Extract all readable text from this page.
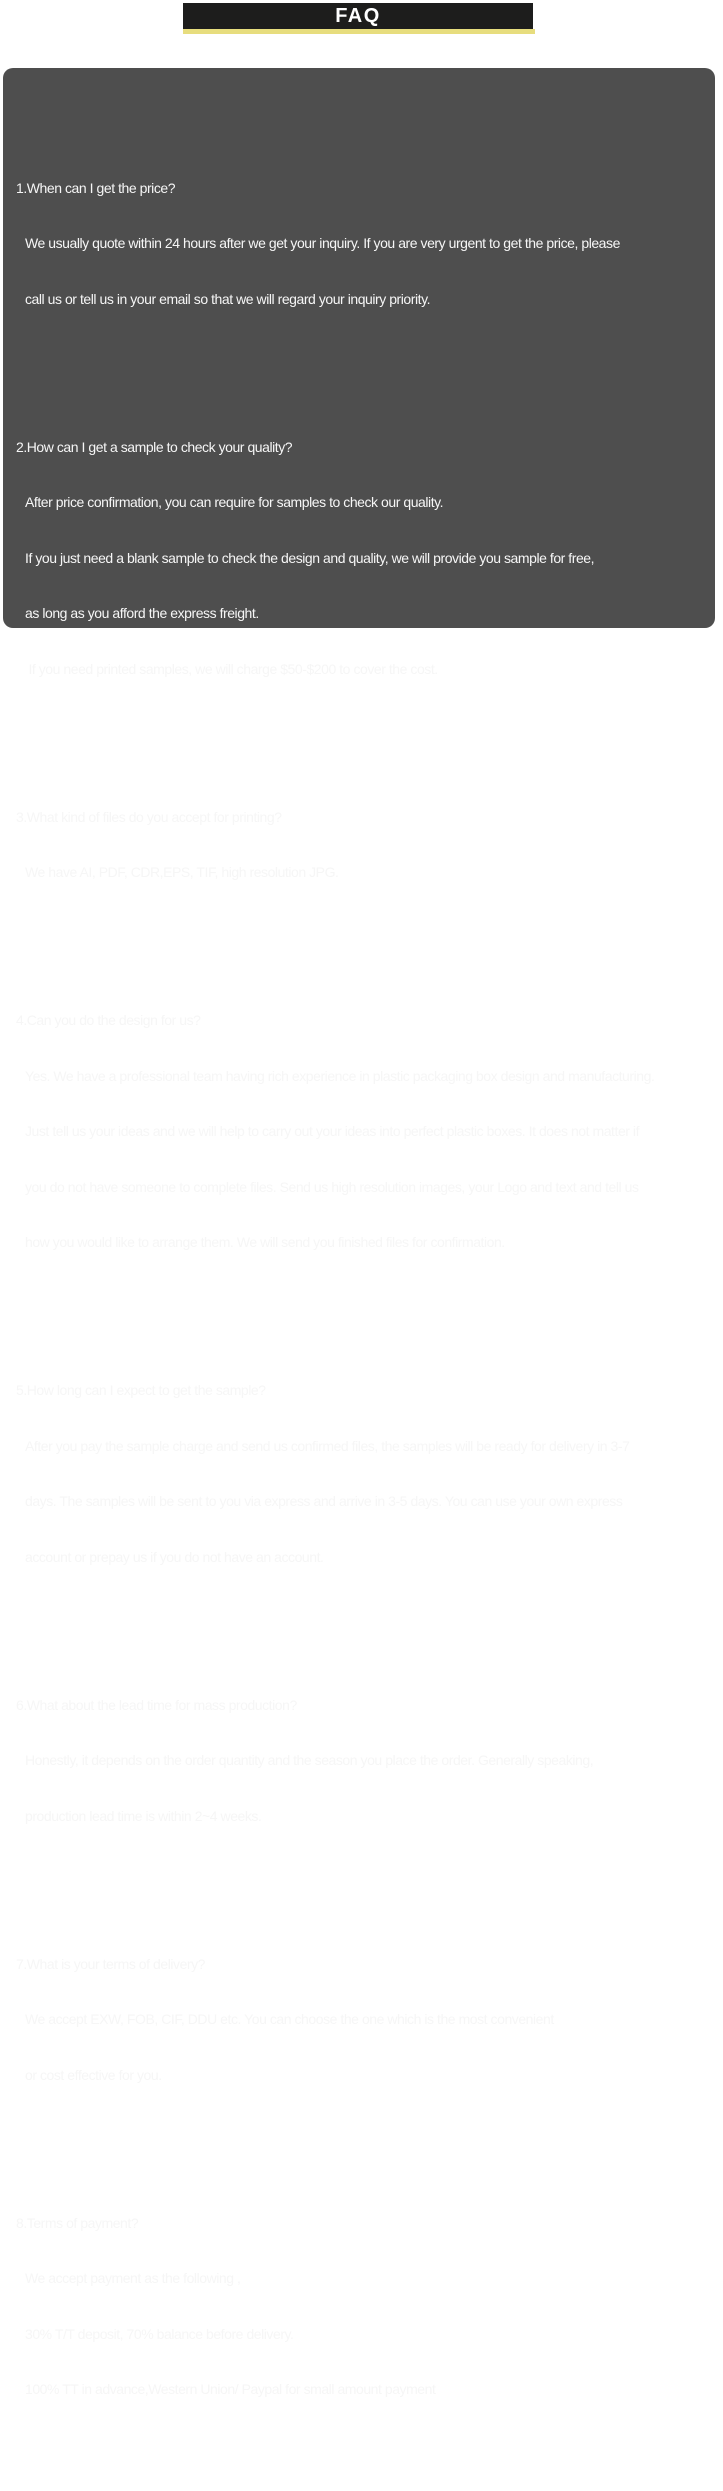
FAQ

1.When can I get the price?

We usually quote within 24 hours after we get your inquiry. If you are very urgent to get the price, please

call us or tell us in your email so that we will regard your inquiry priority.

2.How can I get a sample to check your quality?

After price confirmation, you can require for samples to check our quality.

If you just need a blank sample to check the design and quality, we will provide you sample for free,

as long as you afford the express freight.

If you need printed samples, we will charge $50-$200 to cover the cost.

3.What kind of files do you accept for printing?

We have AI, PDF, CDR,EPS, TIF, high resolution JPG.

4.Can you do the design for us?

Yes. We have a professional team having rich experience in plastic packaging box design and manufacturing.

Just tell us your ideas and we will help to carry out your ideas into perfect plastic boxes. It does not matter if

you do not have someone to complete files. Send us high resolution images, your Logo and text and tell us

how you would like to arrange them. We will send you finished files for confirmation.

5.How long can I expect to get the sample?

After you pay the sample charge and send us confirmed files, the samples will be ready for delivery in 3-7

days. The samples will be sent to you via express and arrive in 3-5 days. You can use your own express

account or prepay us if you do not have an account.

6.What about the lead time for mass production?

Honestly, it depends on the order quantity and the season you place the order. Generally speaking,

production lead time is within 2~4 weeks.

7.What is your terms of delivery?

We accept EXW, FOB, CIF, DDU etc. You can choose the one which is the most convenient

or cost effective for you.

8.Terms of payment?

We accept payment as the following ,

30% T/T deposit, 70% balance before delivery.

100% TT in advance,Western Union/ Paypal for small amount payment
